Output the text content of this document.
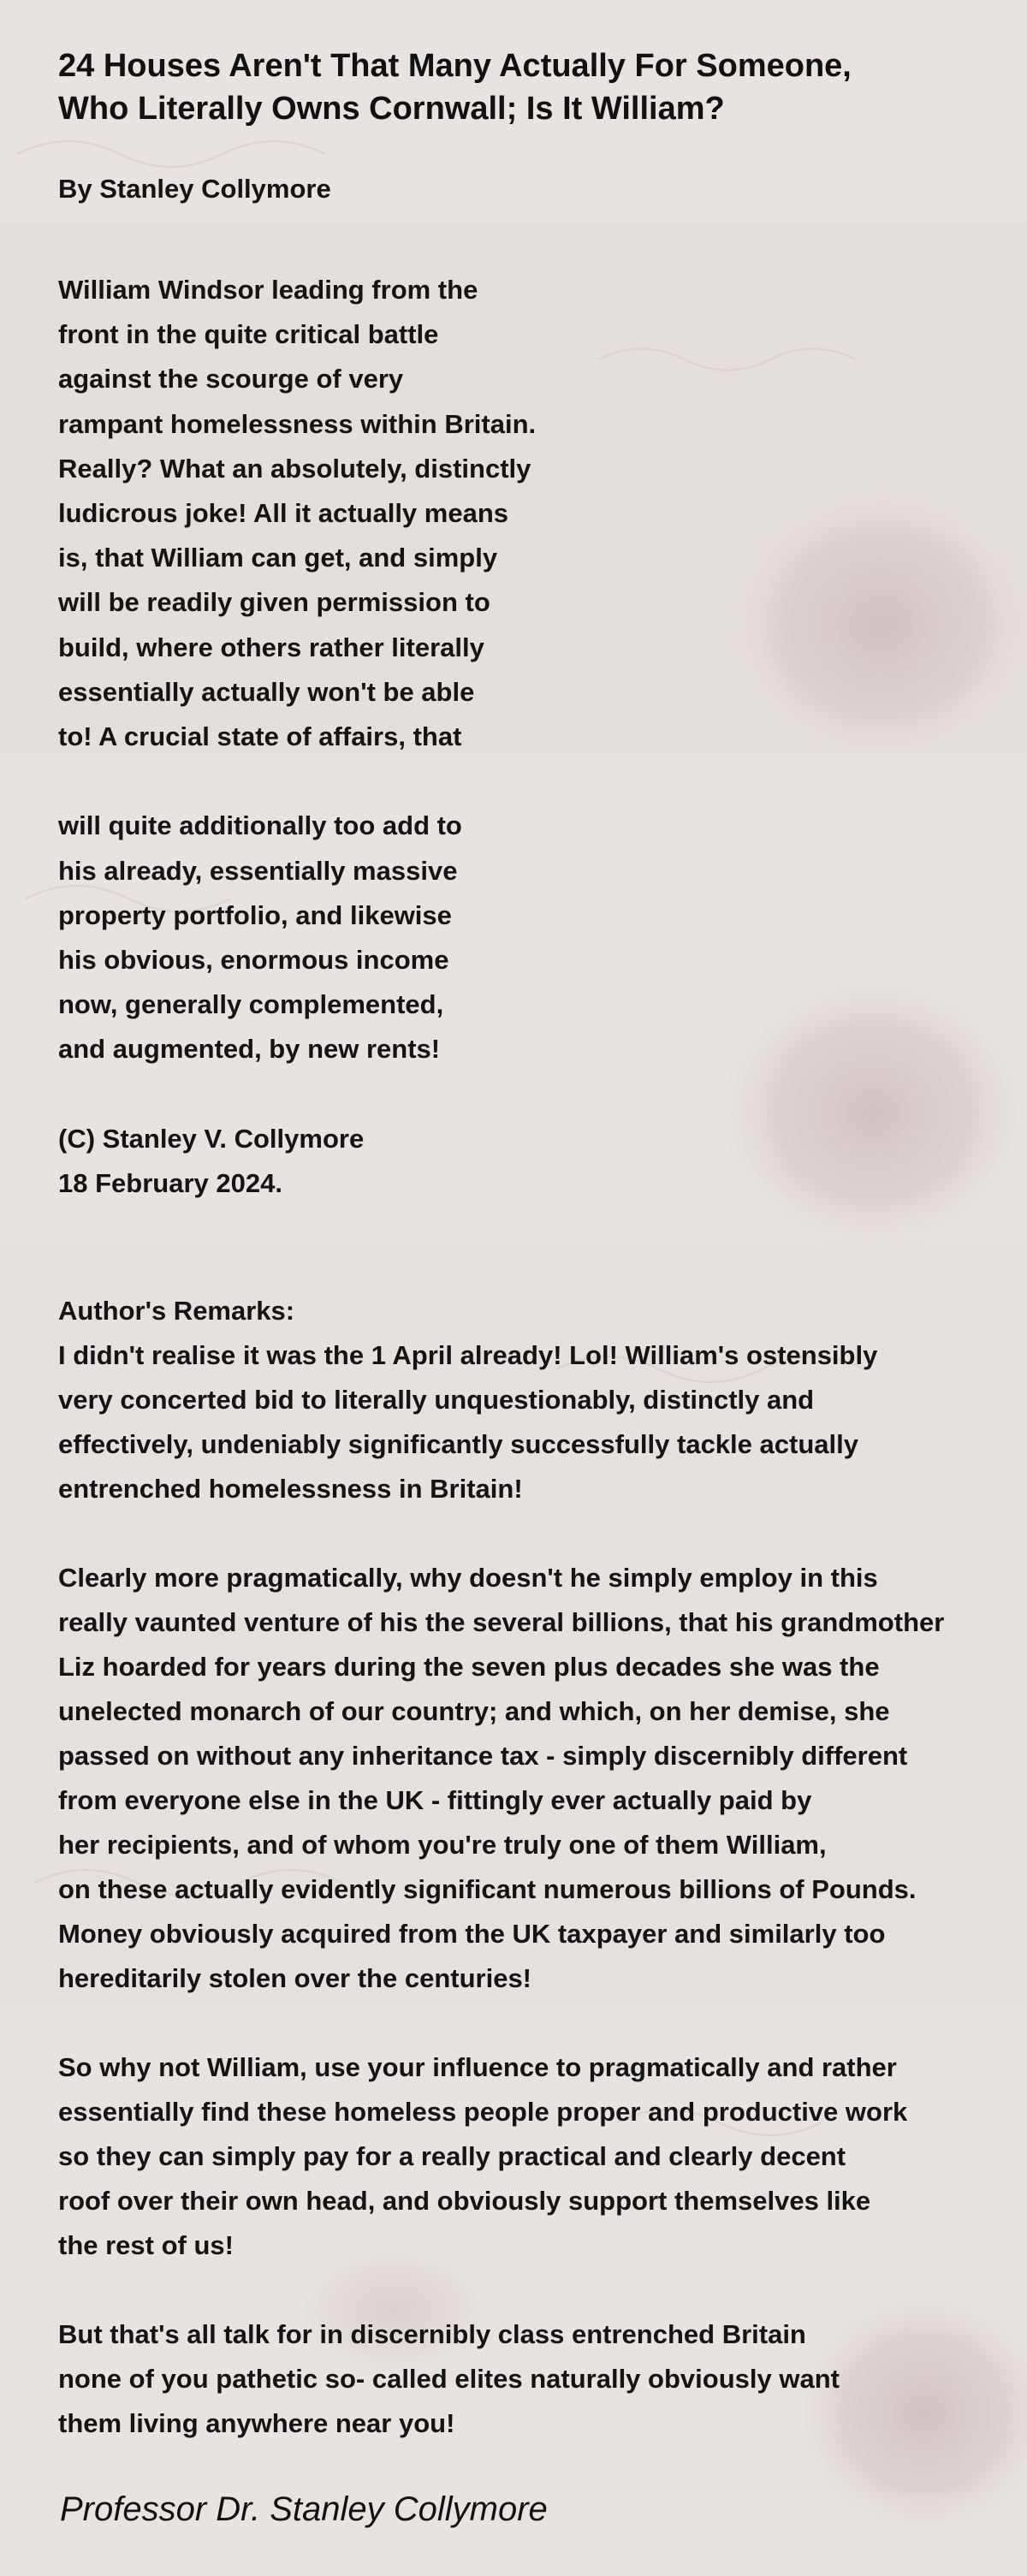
24 Houses Aren't That Many Actually For Someone,
Who Literally Owns Cornwall; Is It William?

By Stanley Collymore

William Windsor leading from the
front in the quite critical battle
against the scourge of very
rampant homelessness within Britain.
Really? What an absolutely, distinctly
ludicrous joke! All it actually means
is, that William can get, and simply
will be readily given permission to
build, where others rather literally
essentially actually won't be able
to! A crucial state of affairs, that
will quite additionally too add to
his already, essentially massive
property portfolio, and likewise
his obvious, enormous income
now, generally complemented,
and augmented, by new rents!
(C) Stanley V. Collymore
18 February 2024.
Author's Remarks:
I didn't realise it was the 1 April already! Lol! William's ostensibly
very concerted bid to literally unquestionably, distinctly and
effectively, undeniably significantly successfully tackle actually
entrenched homelessness in Britain!
Clearly more pragmatically, why doesn't he simply employ in this
really vaunted venture of his the several billions, that his grandmother
Liz hoarded for years during the seven plus decades she was the
unelected monarch of our country; and which, on her demise, she
passed on without any inheritance tax - simply discernibly different
from everyone else in the UK - fittingly ever actually paid by
her recipients, and of whom you're truly one of them William,
on these actually evidently significant numerous billions of Pounds.
Money obviously acquired from the UK taxpayer and similarly too
hereditarily stolen over the centuries!
So why not William, use your influence to pragmatically and rather
essentially find these homeless people proper and productive work
so they can simply pay for a really practical and clearly decent
roof over their own head, and obviously support themselves like
the rest of us!
But that's all talk for in discernibly class entrenched Britain
none of you pathetic so- called elites naturally obviously want
them living anywhere near you!

Professor Dr. Stanley Collymore
